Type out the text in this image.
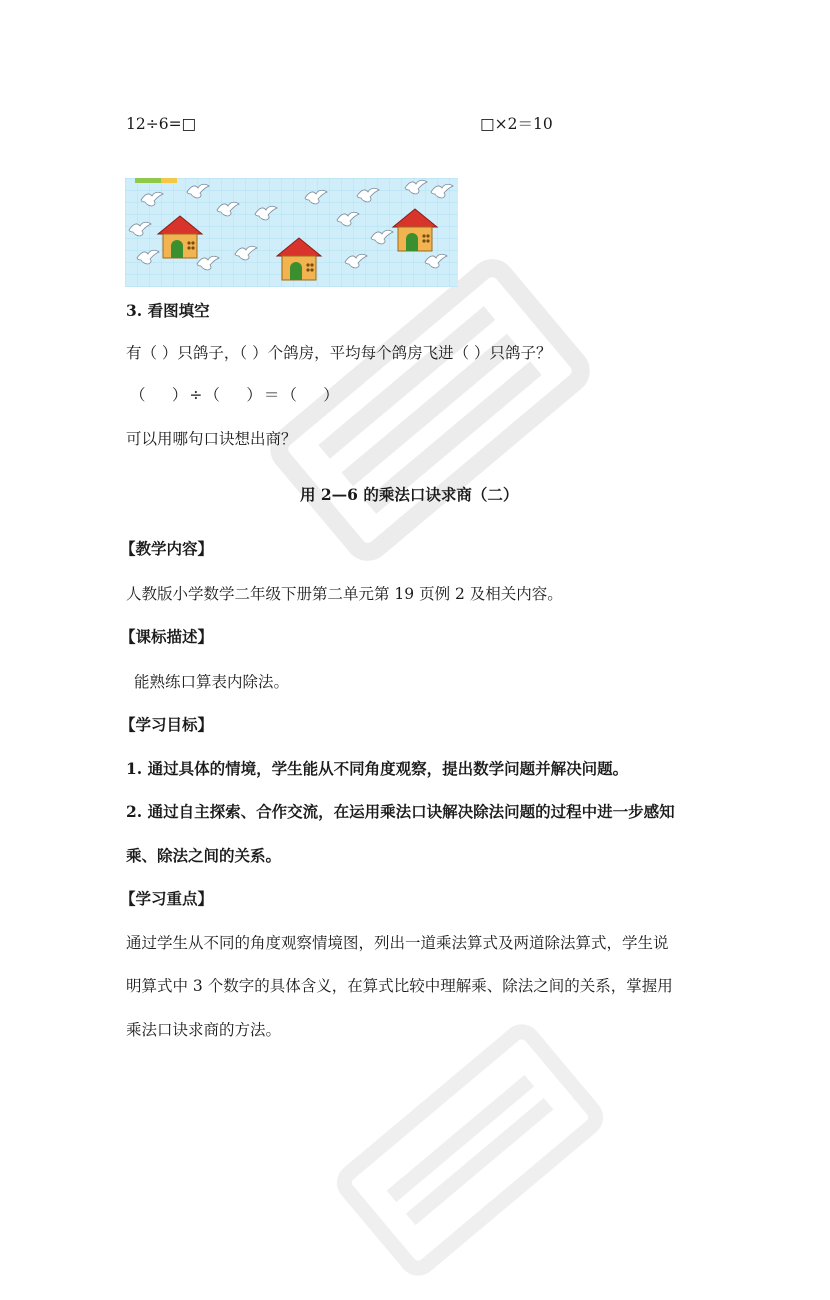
12÷6=□	□×2＝10
3. 看图填空
有（ ）只鸽子，（ ）个鸽房，平均每个鸽房飞进（ ）只鸽子？
（　 ）÷（　 ）＝（　 ）
可以用哪句口诀想出商？
用 2—6 的乘法口诀求商（二）
【教学内容】
人教版小学数学二年级下册第二单元第 19 页例 2 及相关内容。
【课标描述】
能熟练口算表内除法。
【学习目标】
1. 通过具体的情境，学生能从不同角度观察，提出数学问题并解决问题。
2. 通过自主探索、合作交流，在运用乘法口诀解决除法问题的过程中进一步感知
乘、除法之间的关系。
【学习重点】
通过学生从不同的角度观察情境图，列出一道乘法算式及两道除法算式，学生说
明算式中 3 个数字的具体含义，在算式比较中理解乘、除法之间的关系，掌握用
乘法口诀求商的方法。
